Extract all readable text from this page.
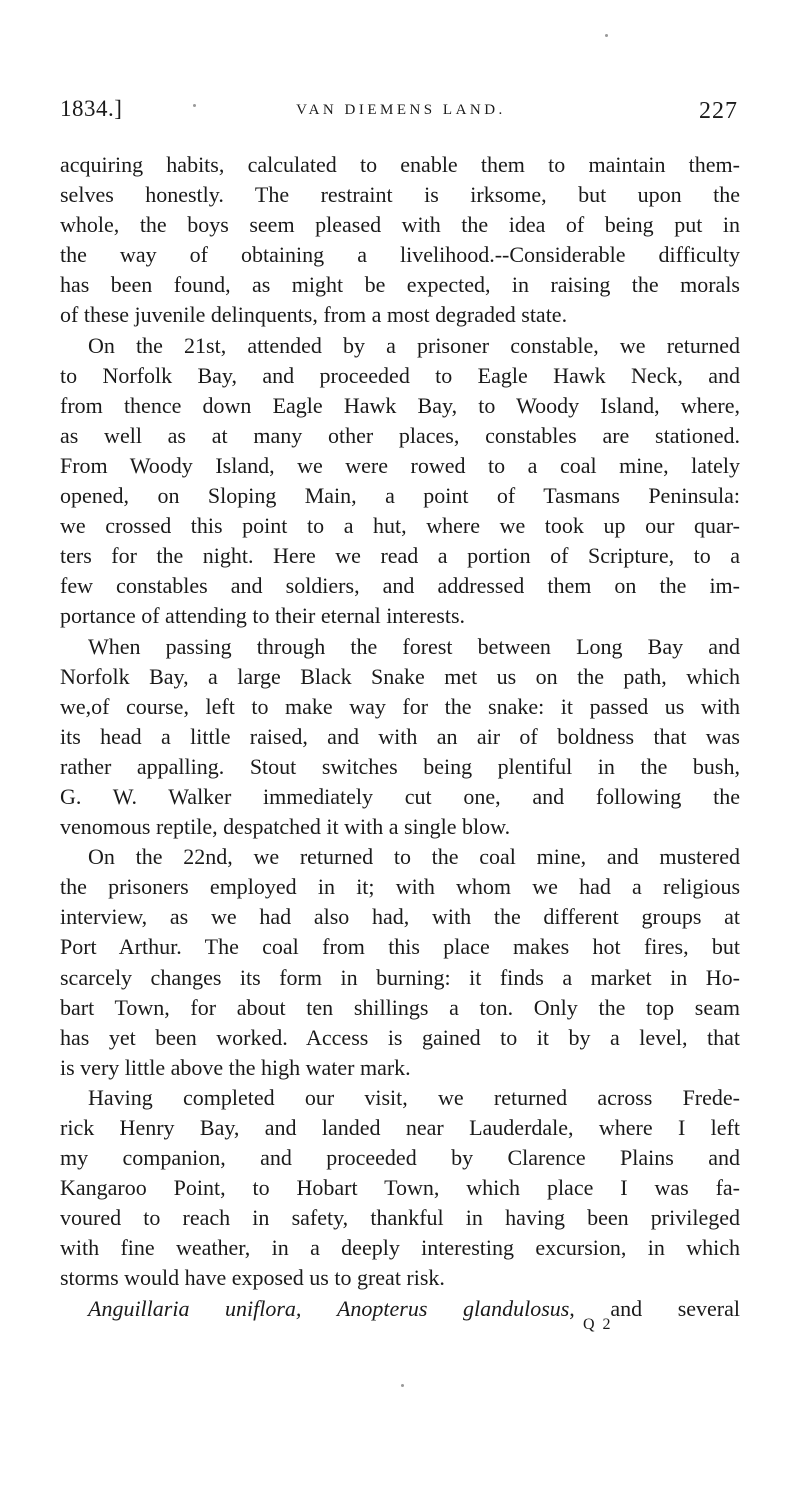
1834.]	VAN DIEMENS LAND.	227
acquiring habits, calculated to enable them to maintain them-
selves honestly. The restraint is irksome, but upon the
whole, the boys seem pleased with the idea of being put in
the way of obtaining a livelihood.--Considerable difficulty
has been found, as might be expected, in raising the morals
of these juvenile delinquents, from a most degraded state.
On the 21st, attended by a prisoner constable, we returned
to Norfolk Bay, and proceeded to Eagle Hawk Neck, and
from thence down Eagle Hawk Bay, to Woody Island, where,
as well as at many other places, constables are stationed.
From Woody Island, we were rowed to a coal mine, lately
opened, on Sloping Main, a point of Tasmans Peninsula:
we crossed this point to a hut, where we took up our quar-
ters for the night. Here we read a portion of Scripture, to a
few constables and soldiers, and addressed them on the im-
portance of attending to their eternal interests.
When passing through the forest between Long Bay and
Norfolk Bay, a large Black Snake met us on the path, which
we,of course, left to make way for the snake: it passed us with
its head a little raised, and with an air of boldness that was
rather appalling. Stout switches being plentiful in the bush,
G. W. Walker immediately cut one, and following the
venomous reptile, despatched it with a single blow.
On the 22nd, we returned to the coal mine, and mustered
the prisoners employed in it; with whom we had a religious
interview, as we had also had, with the different groups at
Port Arthur. The coal from this place makes hot fires, but
scarcely changes its form in burning: it finds a market in Ho-
bart Town, for about ten shillings a ton. Only the top seam
has yet been worked. Access is gained to it by a level, that
is very little above the high water mark.
Having completed our visit, we returned across Frede-
rick Henry Bay, and landed near Lauderdale, where I left
my companion, and proceeded by Clarence Plains and
Kangaroo Point, to Hobart Town, which place I was fa-
voured to reach in safety, thankful in having been privileged
with fine weather, in a deeply interesting excursion, in which
storms would have exposed us to great risk.
Anguillaria uniflora, Anopterus glandulosus, and several
Q 2
